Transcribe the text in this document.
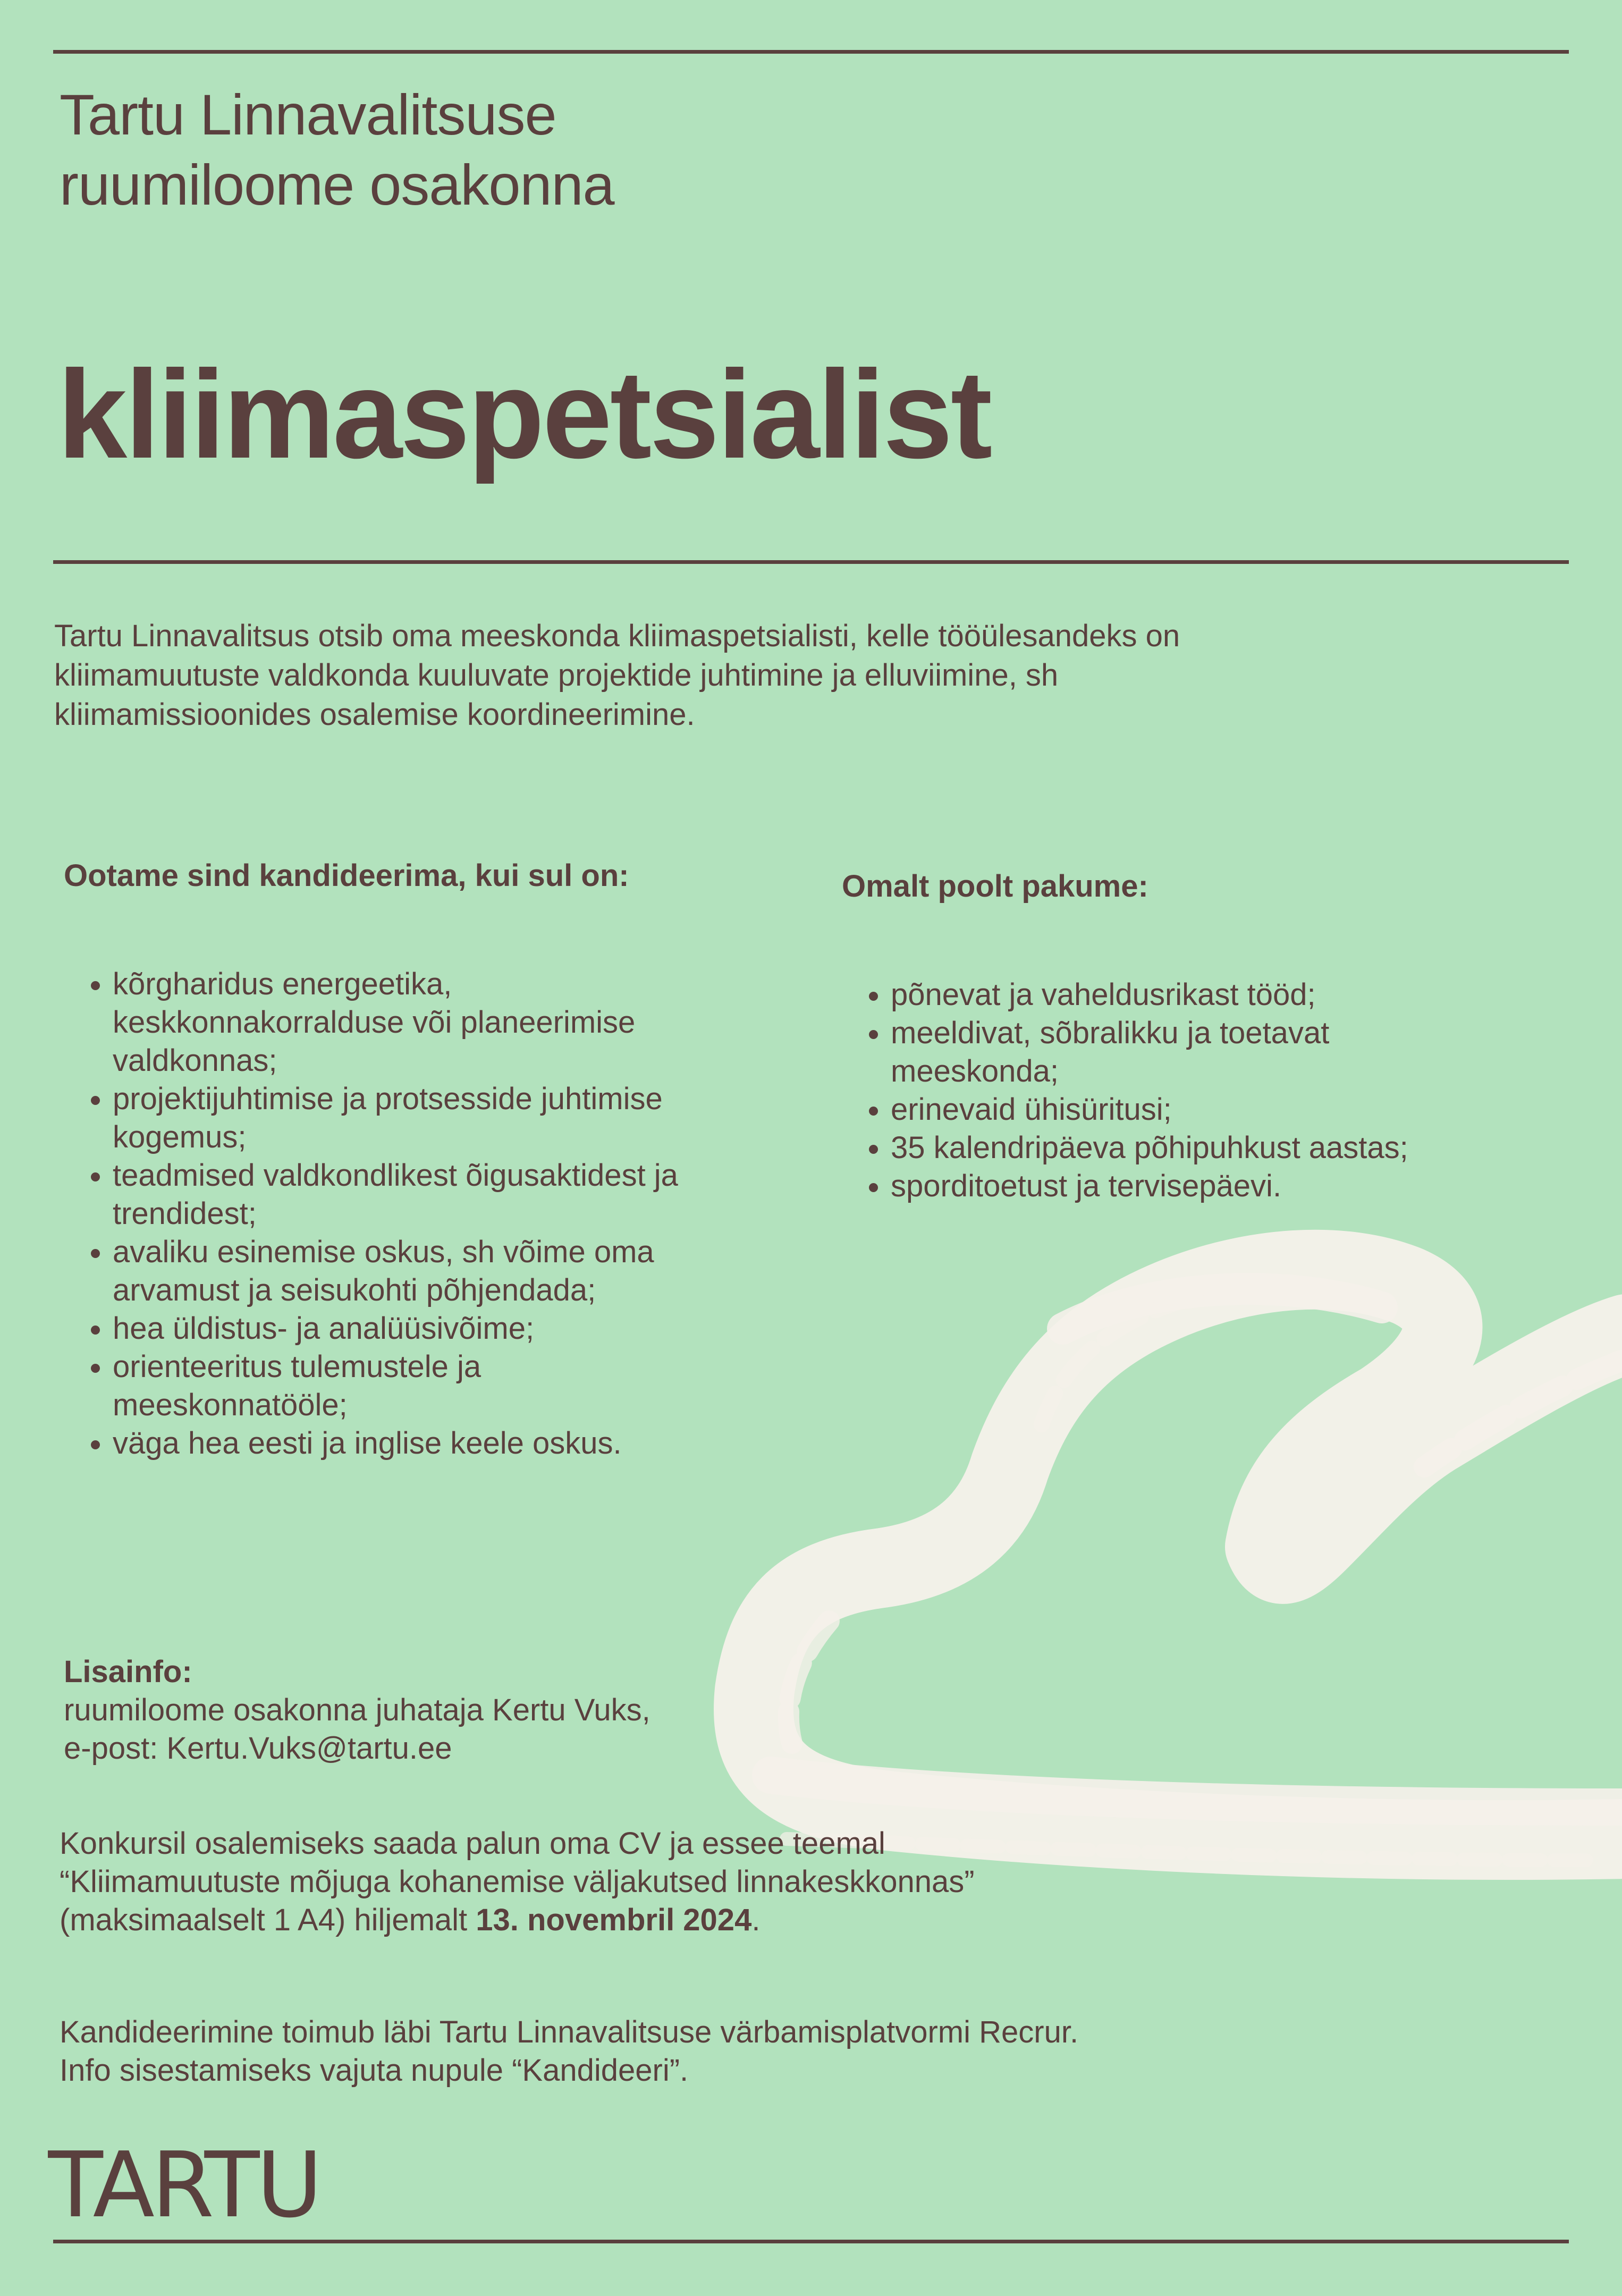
Tartu Linnavalitsuse
ruumiloome osakonna
kliimaspetsialist
Tartu Linnavalitsus otsib oma meeskonda kliimaspetsialisti, kelle tööülesandeks on
kliimamuutuste valdkonda kuuluvate projektide juhtimine ja elluviimine, sh
kliimamissioonides osalemise koordineerimine.
Ootame sind kandideerima, kui sul on:
• kõrgharidus energeetika,
keskkonnakorralduse või planeerimise
valdkonnas;
• projektijuhtimise ja protsesside juhtimise
kogemus;
• teadmised valdkondlikest õigusaktidest ja
trendidest;
• avaliku esinemise oskus, sh võime oma
arvamust ja seisukohti põhjendada;
• hea üldistus- ja analüüsivõime;
• orienteeritus tulemustele ja
meeskonnatööle;
• väga hea eesti ja inglise keele oskus.
Omalt poolt pakume:
• põnevat ja vaheldusrikast tööd;
• meeldivat, sõbralikku ja toetavat
meeskonda;
• erinevaid ühisüritusi;
• 35 kalendripäeva põhipuhkust aastas;
• sporditoetust ja tervisepäevi.
Lisainfo:
ruumiloome osakonna juhataja Kertu Vuks,
e-post: Kertu.Vuks@tartu.ee
Konkursil osalemiseks saada palun oma CV ja essee teemal
“Kliimamuutuste mõjuga kohanemise väljakutsed linnakeskkonnas”
(maksimaalselt 1 A4) hiljemalt 13. novembril 2024.
Kandideerimine toimub läbi Tartu Linnavalitsuse värbamisplatvormi Recrur.
Info sisestamiseks vajuta nupule “Kandideeri”.
TARTU
